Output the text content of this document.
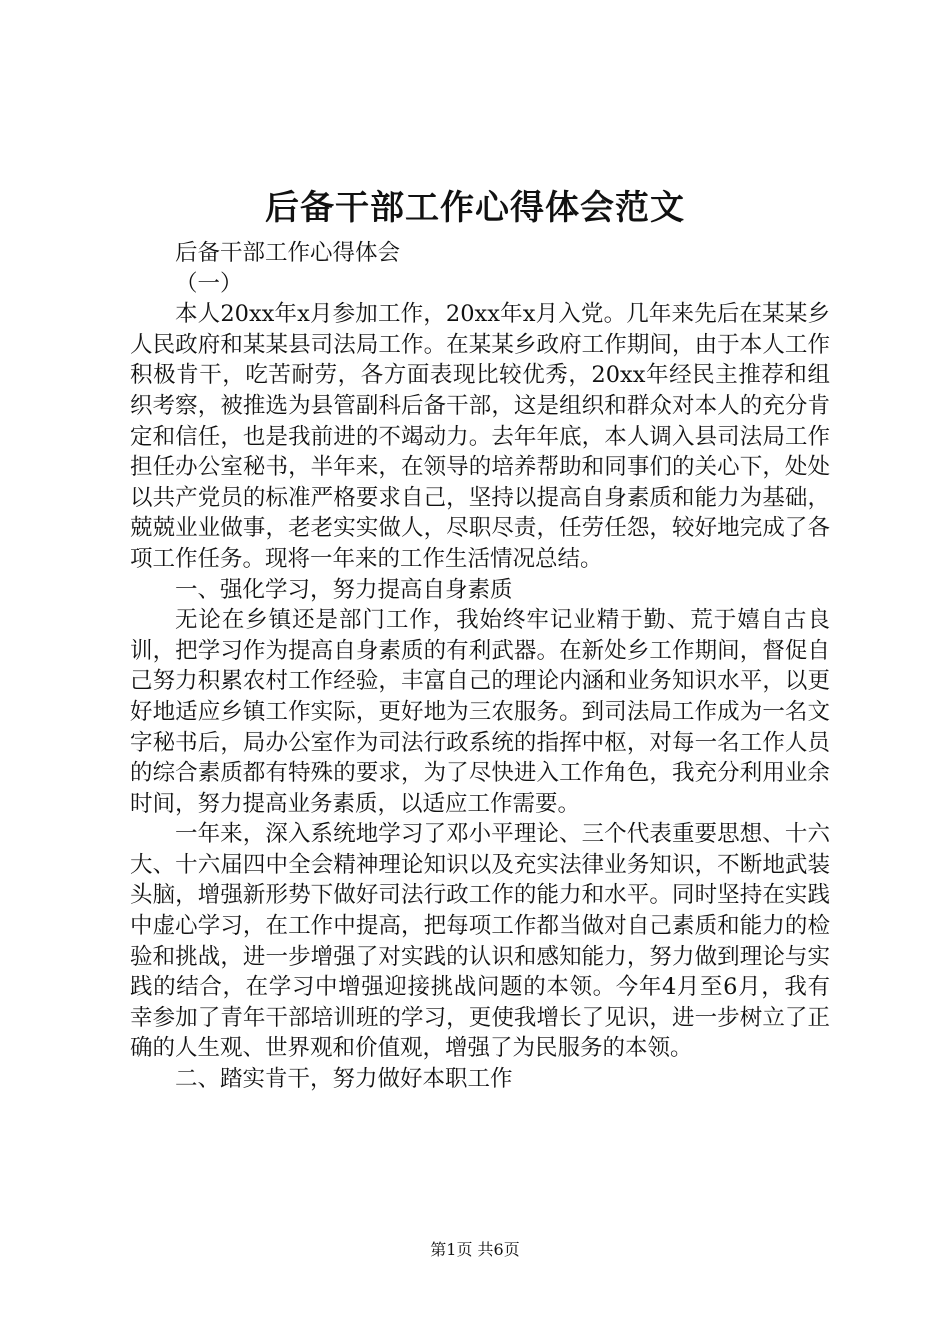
后备干部工作心得体会范文

后备干部工作心得体会

（一）

本人20xx年x月参加工作，20xx年x月入党。几年来先后在某某乡人民政府和某某县司法局工作。在某某乡政府工作期间，由于本人工作积极肯干，吃苦耐劳，各方面表现比较优秀，20xx年经民主推荐和组织考察，被推选为县管副科后备干部，这是组织和群众对本人的充分肯定和信任，也是我前进的不竭动力。去年年底，本人调入县司法局工作担任办公室秘书，半年来，在领导的培养帮助和同事们的关心下，处处以共产党员的标准严格要求自己，坚持以提高自身素质和能力为基础，兢兢业业做事，老老实实做人，尽职尽责，任劳任怨，较好地完成了各项工作任务。现将一年来的工作生活情况总结。

一、强化学习，努力提高自身素质

无论在乡镇还是部门工作，我始终牢记业精于勤、荒于嬉自古良训，把学习作为提高自身素质的有利武器。在新处乡工作期间，督促自己努力积累农村工作经验，丰富自己的理论内涵和业务知识水平，以更好地适应乡镇工作实际，更好地为三农服务。到司法局工作成为一名文字秘书后，局办公室作为司法行政系统的指挥中枢，对每一名工作人员的综合素质都有特殊的要求，为了尽快进入工作角色，我充分利用业余时间，努力提高业务素质，以适应工作需要。

一年来，深入系统地学习了邓小平理论、三个代表重要思想、十六大、十六届四中全会精神理论知识以及充实法律业务知识，不断地武装头脑，增强新形势下做好司法行政工作的能力和水平。同时坚持在实践中虚心学习，在工作中提高，把每项工作都当做对自己素质和能力的检验和挑战，进一步增强了对实践的认识和感知能力，努力做到理论与实践的结合，在学习中增强迎接挑战问题的本领。今年4月至6月，我有幸参加了青年干部培训班的学习，更使我增长了见识，进一步树立了正确的人生观、世界观和价值观，增强了为民服务的本领。

二、踏实肯干，努力做好本职工作

第1页 共6页
